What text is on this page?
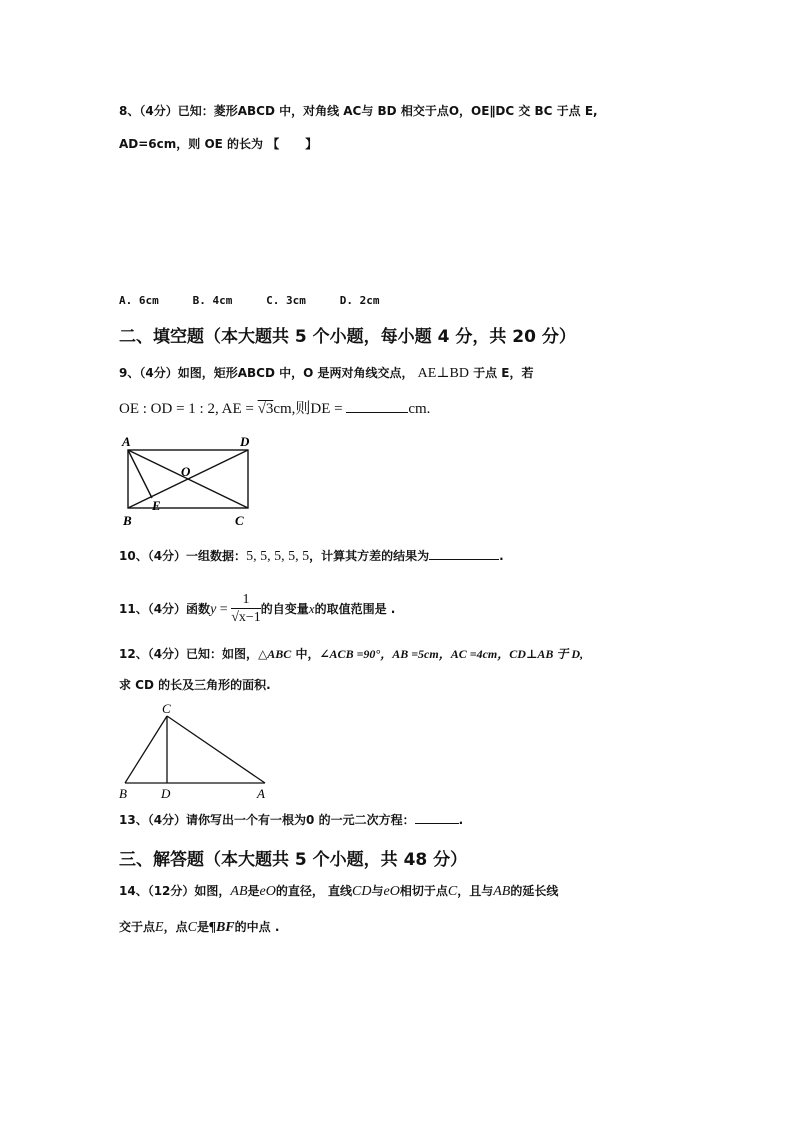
8、（4分）已知：菱形ABCD 中，对角线 AC与 BD 相交于点O，OE∥DC 交 BC 于点 E,
AD=6cm，则 OE 的长为 【 】
A. 6cm	B. 4cm	C. 3cm	D. 2cm
二、填空题（本大题共 5 个小题，每小题 4 分，共 20 分）
9、（4分）如图，矩形ABCD 中，O 是两对角线交点， AE⊥BD 于点 E，若
OE : OD = 1 : 2, AE = √3cm,则DE =	cm.
A	D
O
E
B	C
10、（4分）一组数据：5, 5, 5, 5, 5，计算其方差的结果为	.
11、（4分）函数$y = \frac{1}{√x-1}$ 的自变量x的取值范围是 .
12、（4分）已知：如图，△ABC 中，∠ACB =90°，AB =5cm，AC =4cm，CD⊥AB 于 D,
求 CD 的长及三角形的面积.
C
B	D	A
13、（4分）请你写出一个有一根为0 的一元二次方程：	.
三、解答题（本大题共 5 个小题，共 48 分）
14、（12分）如图，AB是eO的直径， 直线CD与eO相切于点C，且与AB的延长线
交于点E，点C是¶BF的中点 .
